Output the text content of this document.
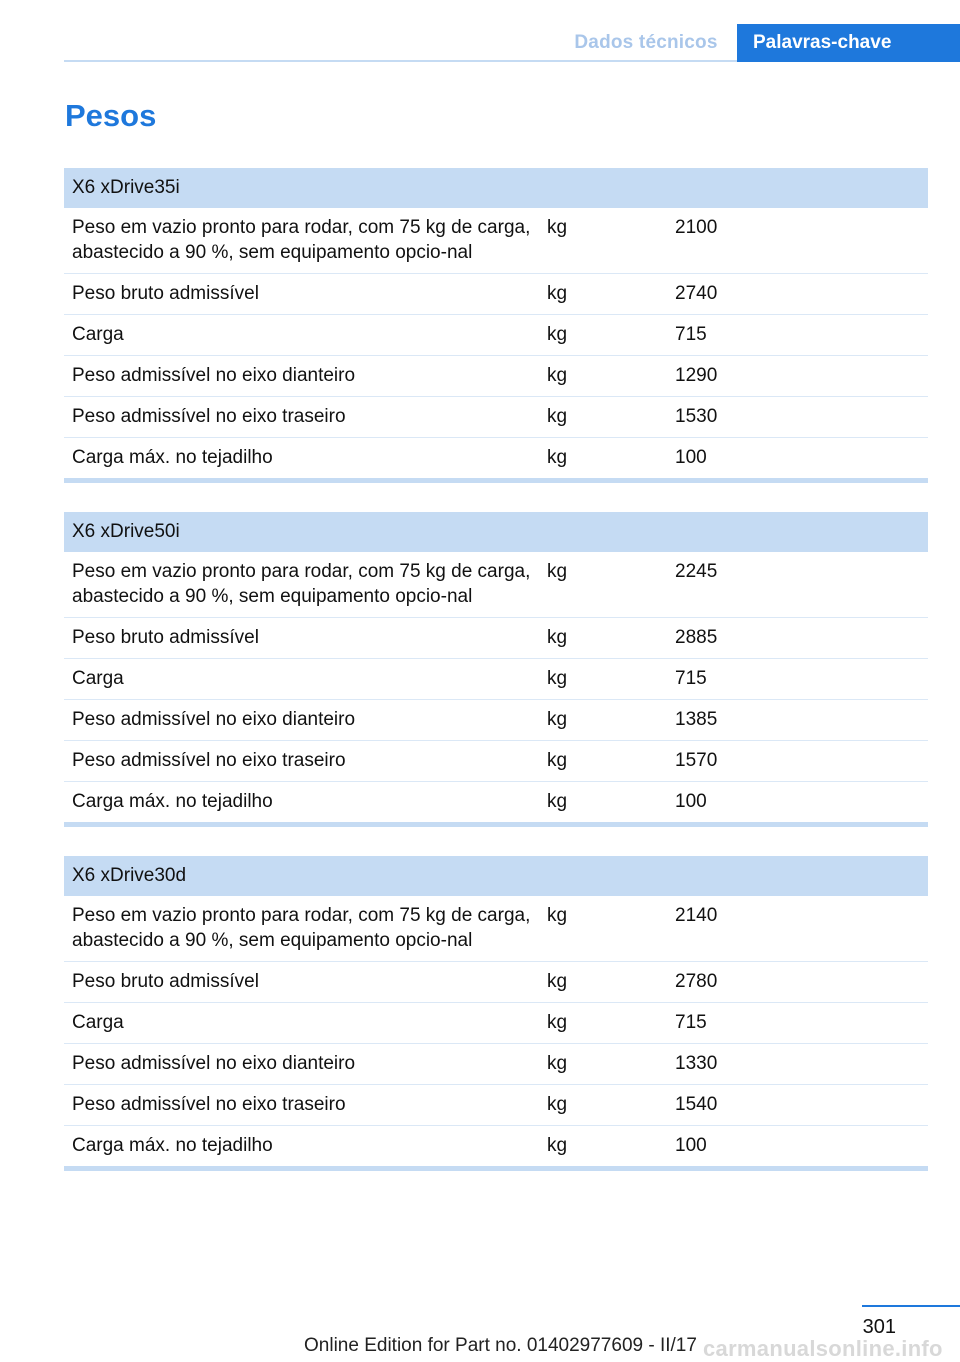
Dados técnicos	Palavras-chave
Pesos
X6 xDrive35i		
Peso em vazio pronto para rodar, com 75 kg de carga, abastecido a 90 %, sem equipamento opcio‐nal	kg	2100
Peso bruto admissível	kg	2740
Carga	kg	715
Peso admissível no eixo dianteiro	kg	1290
Peso admissível no eixo traseiro	kg	1530
Carga máx. no tejadilho	kg	100
X6 xDrive50i		
Peso em vazio pronto para rodar, com 75 kg de carga, abastecido a 90 %, sem equipamento opcio‐nal	kg	2245
Peso bruto admissível	kg	2885
Carga	kg	715
Peso admissível no eixo dianteiro	kg	1385
Peso admissível no eixo traseiro	kg	1570
Carga máx. no tejadilho	kg	100
X6 xDrive30d		
Peso em vazio pronto para rodar, com 75 kg de carga, abastecido a 90 %, sem equipamento opcio‐nal	kg	2140
Peso bruto admissível	kg	2780
Carga	kg	715
Peso admissível no eixo dianteiro	kg	1330
Peso admissível no eixo traseiro	kg	1540
Carga máx. no tejadilho	kg	100
301
Online Edition for Part no. 01402977609 - II/17 carmanualsonline.info
